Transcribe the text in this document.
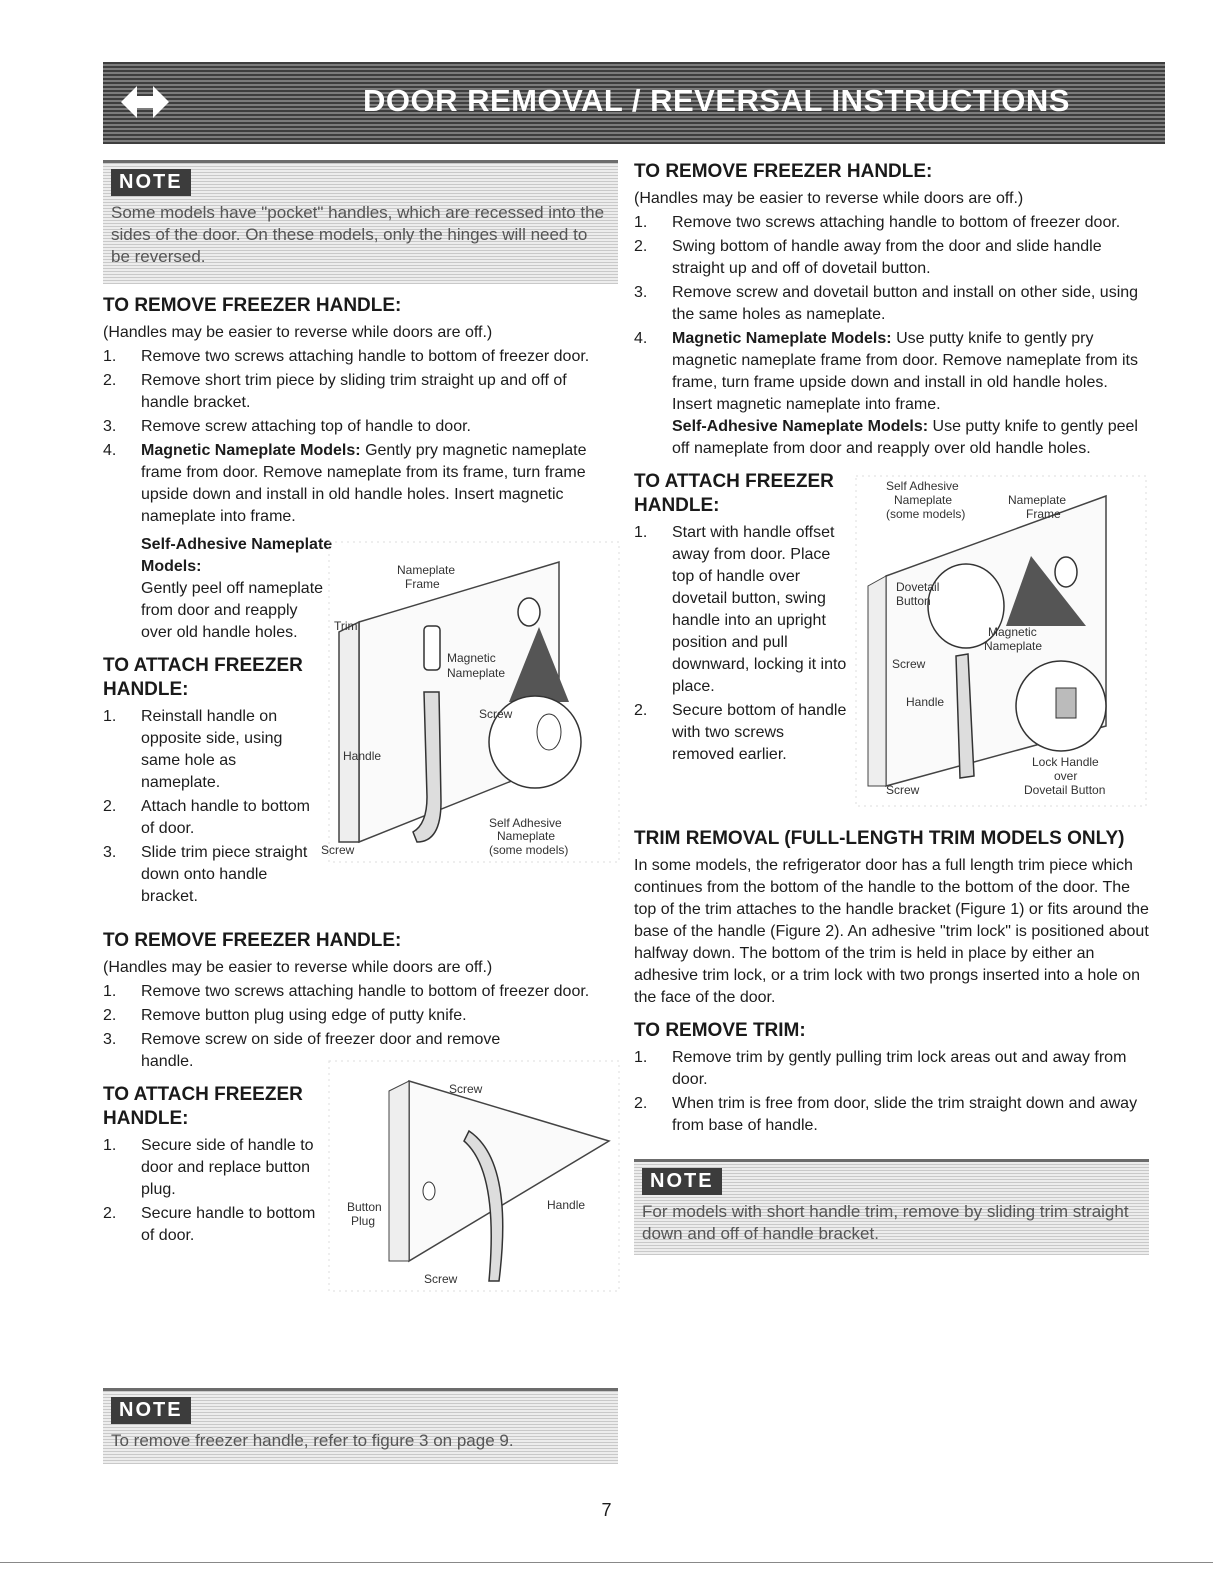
DOOR REMOVAL / REVERSAL INSTRUCTIONS
NOTE
Some models have "pocket" handles, which are recessed into the sides of the door. On these models, only the hinges will need to be reversed.
TO REMOVE FREEZER HANDLE:

(Handles may be easier to reverse while doors are off.)

1. Remove two screws attaching handle to bottom of freezer door.
2. Remove short trim piece by sliding trim straight up and off of handle bracket.
3. Remove screw attaching top of handle to door.
4. Magnetic Nameplate Models: Gently pry magnetic nameplate frame from door. Remove nameplate from its frame, turn frame upside down and install in old handle holes. Insert magnetic nameplate into frame.
Self-Adhesive Nameplate Models:

Gently peel off nameplate from door and reapply over old handle holes.

TO ATTACH FREEZER HANDLE:
1. Reinstall handle on opposite side, using same hole as nameplate.
2. Attach handle to bottom of door.
3. Slide trim piece straight down onto handle bracket.
Nameplate
Frame
Trim
Magnetic
Nameplate
Screw
Handle
Self Adhesive
Nameplate
(some models)
Screw
TO REMOVE FREEZER HANDLE:

(Handles may be easier to reverse while doors are off.)

1. Remove two screws attaching handle to bottom of freezer door.
2. Remove button plug using edge of putty knife.
3. Remove screw on side of freezer door and remove handle.
TO ATTACH FREEZER HANDLE:
1. Secure side of handle to door and replace button plug.
2. Secure handle to bottom of door.
Screw
Button
Plug
Handle
Screw
NOTE
To remove freezer handle, refer to figure 3 on page 9.
TO REMOVE FREEZER HANDLE:

(Handles may be easier to reverse while doors are off.)

1. Remove two screws attaching handle to bottom of freezer door.
2. Swing bottom of handle away from the door and slide handle straight up and off of dovetail button.
3. Remove screw and dovetail button and install on other side, using the same holes as nameplate.
4. Magnetic Nameplate Models: Use putty knife to gently pry magnetic nameplate frame from door. Remove nameplate from its frame, turn frame upside down and install in old handle holes. Insert magnetic nameplate into frame.
Self-Adhesive Nameplate Models: Use putty knife to gently peel off nameplate from door and reapply over old handle holes.
TO ATTACH FREEZER HANDLE:
1. Start with handle offset away from door. Place top of handle over dovetail button, swing handle into an upright position and pull downward, locking it into place.
2. Secure bottom of handle with two screws removed earlier.
Self Adhesive
Nameplate
(some models)
Nameplate
Frame
Dovetail
Button
Magnetic
Nameplate
Screw
Handle
Lock Handle
over
Dovetail Button
Screw
TRIM REMOVAL (FULL-LENGTH TRIM MODELS ONLY)

In some models, the refrigerator door has a full length trim piece which continues from the bottom of the handle to the bottom of the door. The top of the trim attaches to the handle bracket (Figure 1) or fits around the base of the handle (Figure 2). An adhesive "trim lock" is positioned about halfway down. The bottom of the trim is held in place by either an adhesive trim lock, or a trim lock with two prongs inserted into a hole on the face of the door.

TO REMOVE TRIM:
1. Remove trim by gently pulling trim lock areas out and away from door.
2. When trim is free from door, slide the trim straight down and away from base of handle.
NOTE
For models with short handle trim, remove by sliding trim straight down and off of handle bracket.
7
